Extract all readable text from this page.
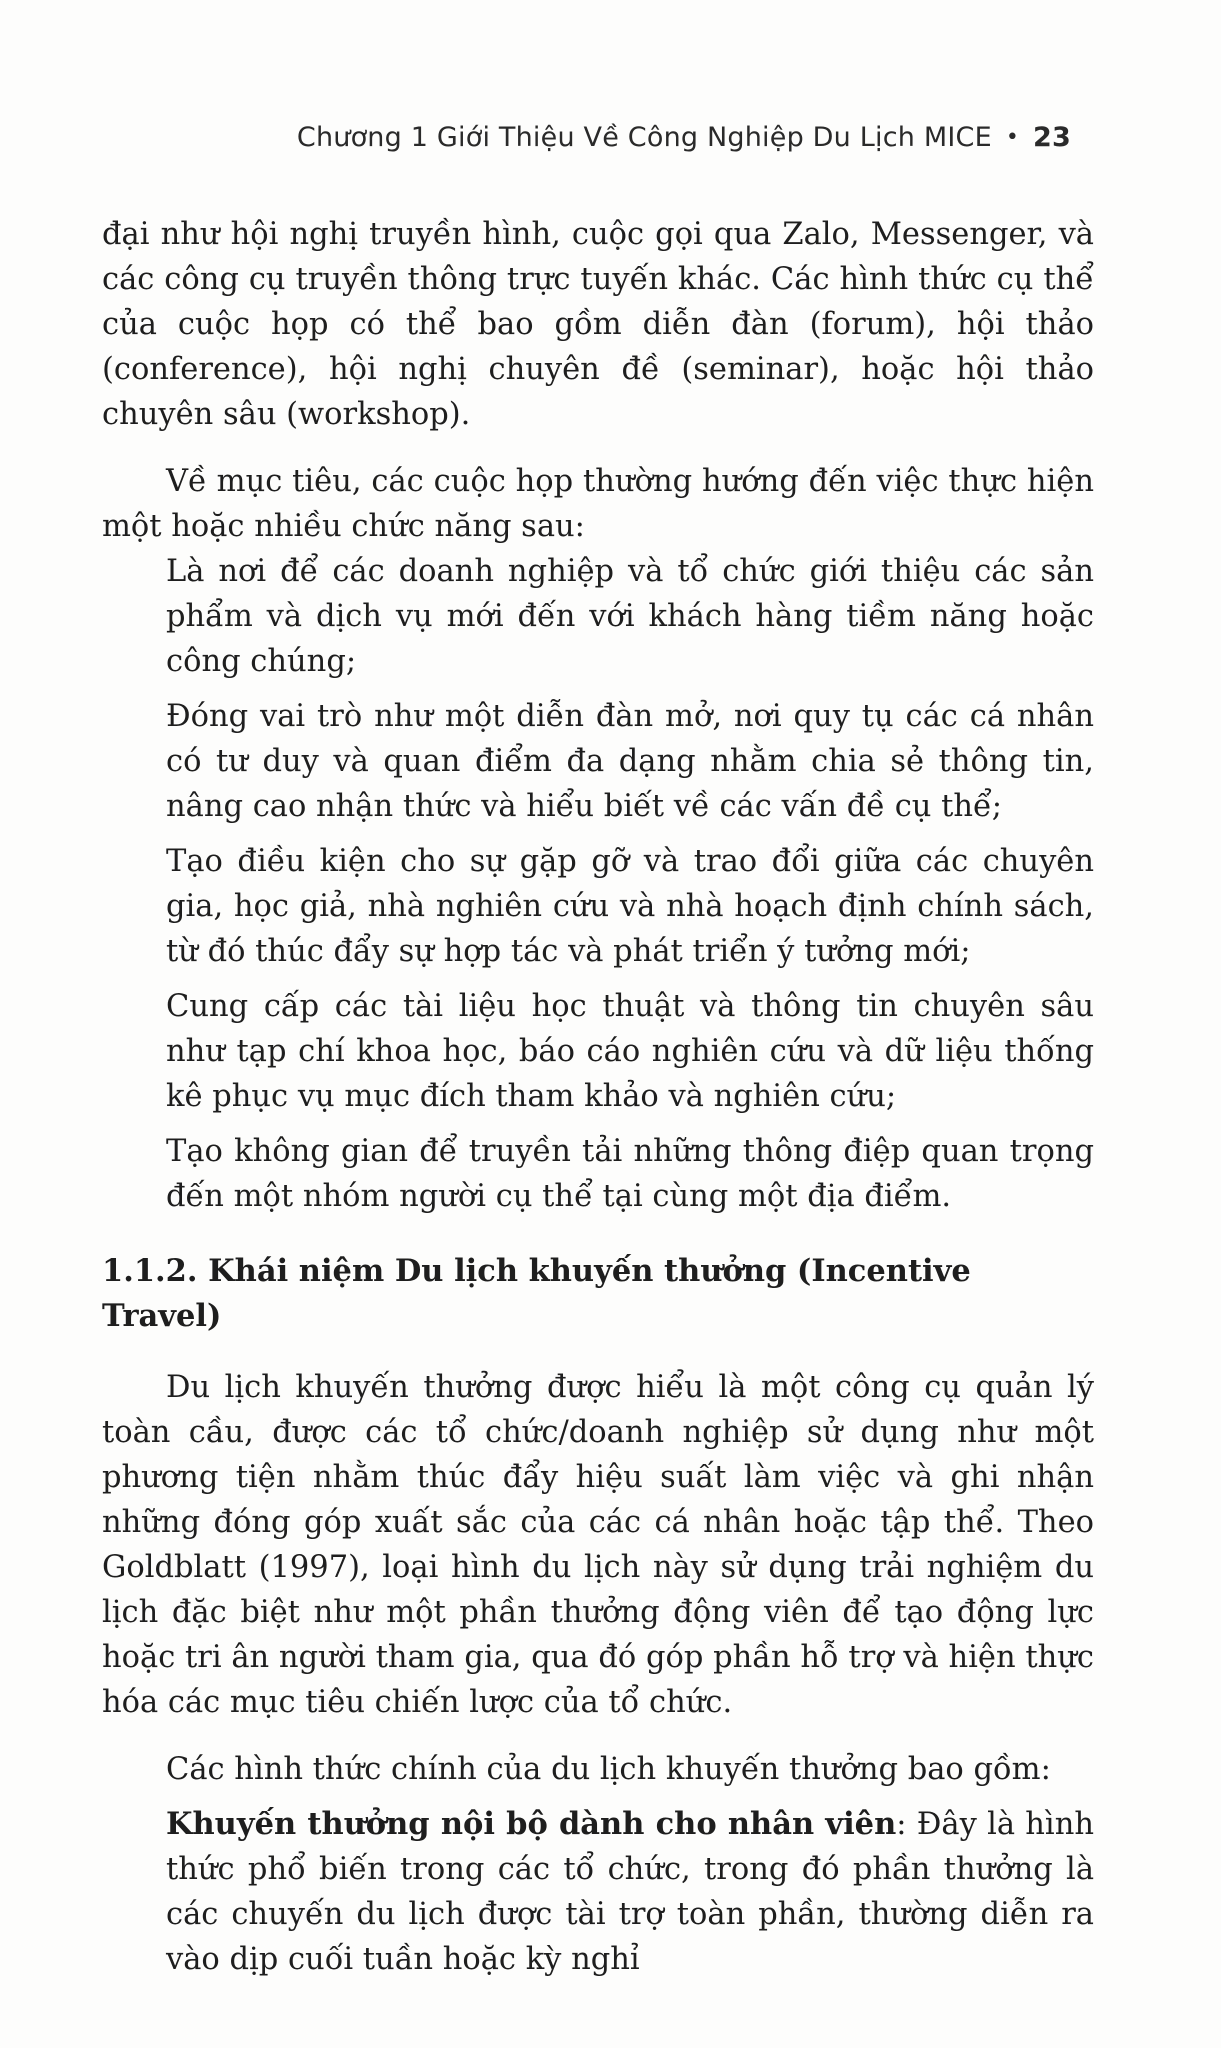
Chương 1 Giới Thiệu Về Công Nghiệp Du Lịch MICE • 23

đại như hội nghị truyền hình, cuộc gọi qua Zalo, Messenger, và các công cụ truyền thông trực tuyến khác. Các hình thức cụ thể của cuộc họp có thể bao gồm diễn đàn (forum), hội thảo (conference), hội nghị chuyên đề (seminar), hoặc hội thảo chuyên sâu (workshop).

Về mục tiêu, các cuộc họp thường hướng đến việc thực hiện một hoặc nhiều chức năng sau:

Là nơi để các doanh nghiệp và tổ chức giới thiệu các sản phẩm và dịch vụ mới đến với khách hàng tiềm năng hoặc công chúng;

Đóng vai trò như một diễn đàn mở, nơi quy tụ các cá nhân có tư duy và quan điểm đa dạng nhằm chia sẻ thông tin, nâng cao nhận thức và hiểu biết về các vấn đề cụ thể;

Tạo điều kiện cho sự gặp gỡ và trao đổi giữa các chuyên gia, học giả, nhà nghiên cứu và nhà hoạch định chính sách, từ đó thúc đẩy sự hợp tác và phát triển ý tưởng mới;

Cung cấp các tài liệu học thuật và thông tin chuyên sâu như tạp chí khoa học, báo cáo nghiên cứu và dữ liệu thống kê phục vụ mục đích tham khảo và nghiên cứu;

Tạo không gian để truyền tải những thông điệp quan trọng đến một nhóm người cụ thể tại cùng một địa điểm.

1.1.2. Khái niệm Du lịch khuyến thưởng (Incentive Travel)

Du lịch khuyến thưởng được hiểu là một công cụ quản lý toàn cầu, được các tổ chức/doanh nghiệp sử dụng như một phương tiện nhằm thúc đẩy hiệu suất làm việc và ghi nhận những đóng góp xuất sắc của các cá nhân hoặc tập thể. Theo Goldblatt (1997), loại hình du lịch này sử dụng trải nghiệm du lịch đặc biệt như một phần thưởng động viên để tạo động lực hoặc tri ân người tham gia, qua đó góp phần hỗ trợ và hiện thực hóa các mục tiêu chiến lược của tổ chức.

Các hình thức chính của du lịch khuyến thưởng bao gồm:

Khuyến thưởng nội bộ dành cho nhân viên: Đây là hình thức phổ biến trong các tổ chức, trong đó phần thưởng là các chuyến du lịch được tài trợ toàn phần, thường diễn ra vào dịp cuối tuần hoặc kỳ nghỉ
